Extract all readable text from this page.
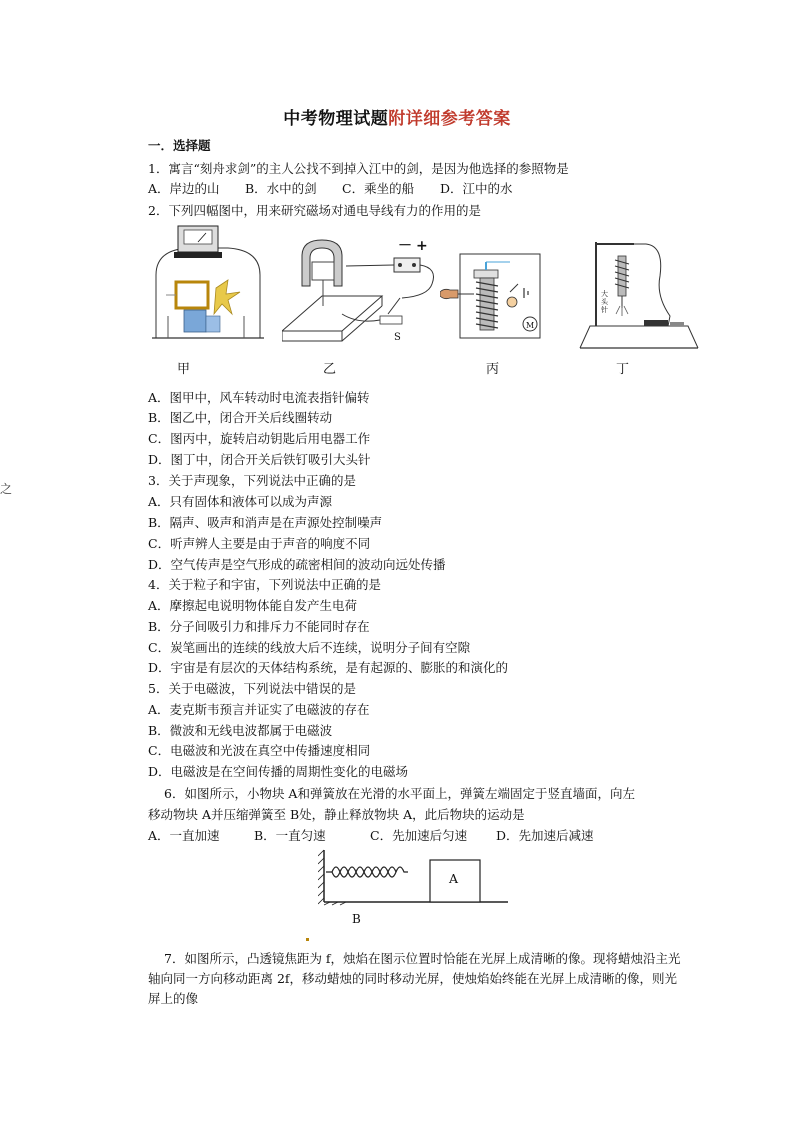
中考物理试题附详细参考答案
一．选择题
1．寓言“刻舟求剑”的主人公找不到掉入江中的剑，是因为他选择的参照物是
A．岸边的山 B．水中的剑 C．乘坐的船 D．江中的水
2．下列四幅图中，用来研究磁场对通电导线有力的作用的是
－ +
S
M
大头针
甲	乙	丙	丁
A．图甲中，风车转动时电流表指针偏转
B．图乙中，闭合开关后线圈转动
C．图丙中，旋转启动钥匙后用电器工作
D．图丁中，闭合开关后铁钉吸引大头针
之
3．关于声现象，下列说法中正确的是
A．只有固体和液体可以成为声源
B．隔声、吸声和消声是在声源处控制噪声
C．听声辨人主要是由于声音的响度不同
D．空气传声是空气形成的疏密相间的波动向远处传播
4．关于粒子和宇宙，下列说法中正确的是
A．摩擦起电说明物体能自发产生电荷
B．分子间吸引力和排斥力不能同时存在
C．炭笔画出的连续的线放大后不连续，说明分子间有空隙
D．宇宙是有层次的天体结构系统，是有起源的、膨胀的和演化的
5．关于电磁波，下列说法中错误的是
A．麦克斯韦预言并证实了电磁波的存在
B．微波和无线电波都属于电磁波
C．电磁波和光波在真空中传播速度相同
D．电磁波是在空间传播的周期性变化的电磁场
6．如图所示，小物块 A和弹簧放在光滑的水平面上，弹簧左端固定于竖直墙面，向左
移动物块 A并压缩弹簧至 B处，静止释放物块 A，此后物块的运动是
A．一直加速	B．一直匀速	C．先加速后匀速 D．先加速后减速
A
B
7．如图所示，凸透镜焦距为 f，烛焰在图示位置时恰能在光屏上成清晰的像。现将蜡烛沿主光轴向同一方向移动距离 2f，移动蜡烛的同时移动光屏，使烛焰始终能在光屏上成清晰的像，则光屏上的像
